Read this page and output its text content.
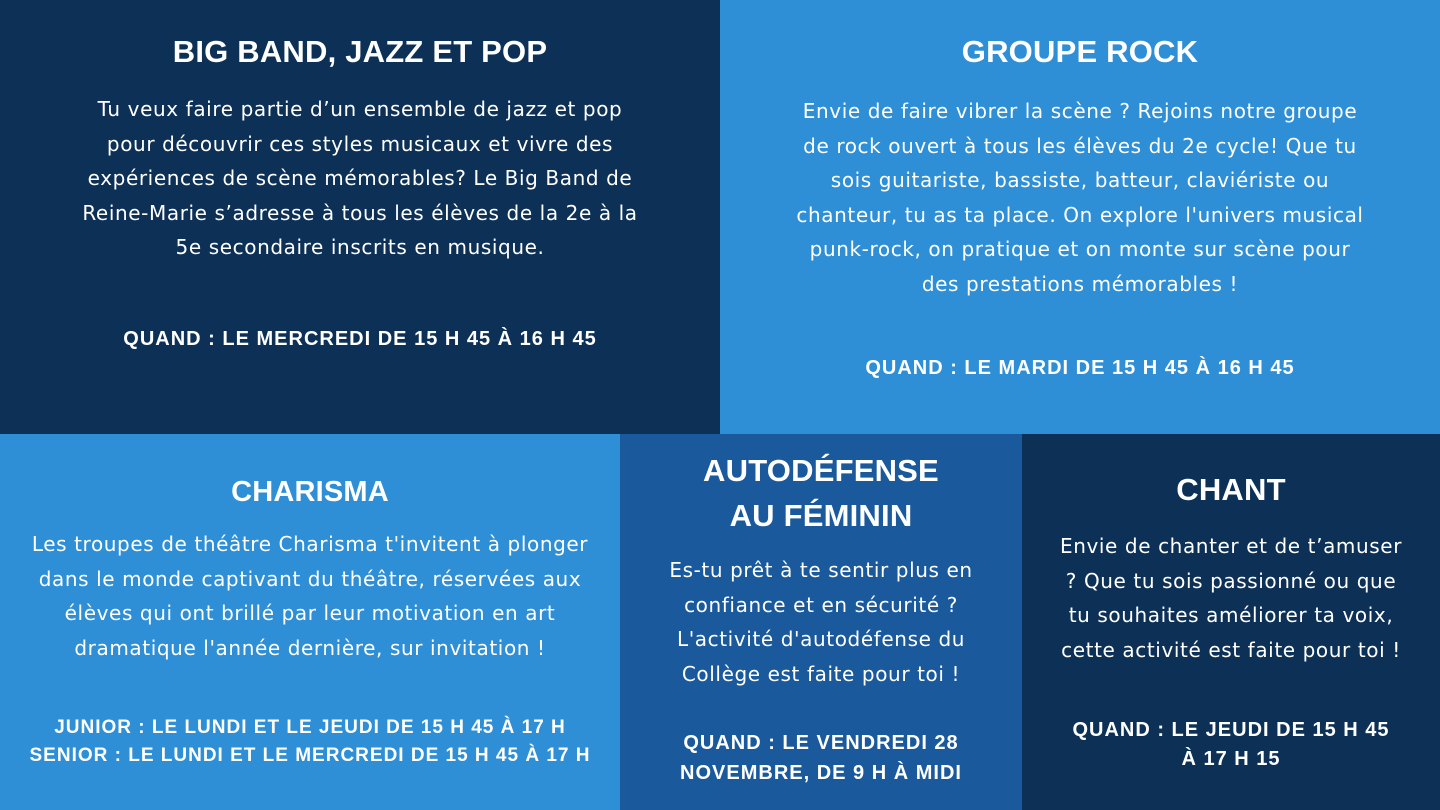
BIG BAND, JAZZ ET POP
Tu veux faire partie d’un ensemble de jazz et pop
pour découvrir ces styles musicaux et vivre des
expériences de scène mémorables? Le Big Band de
Reine-Marie s’adresse à tous les élèves de la 2e à la
5e secondaire inscrits en musique.
QUAND : LE MERCREDI DE 15 H 45 À 16 H 45
GROUPE ROCK
Envie de faire vibrer la scène ? Rejoins notre groupe
de rock ouvert à tous les élèves du 2e cycle! Que tu
sois guitariste, bassiste, batteur, claviériste ou
chanteur, tu as ta place. On explore l'univers musical
punk-rock, on pratique et on monte sur scène pour
des prestations mémorables !
QUAND : LE MARDI DE 15 H 45 À 16 H 45
CHARISMA
Les troupes de théâtre Charisma t'invitent à plonger
dans le monde captivant du théâtre, réservées aux
élèves qui ont brillé par leur motivation en art
dramatique l'année dernière, sur invitation !
JUNIOR : LE LUNDI ET LE JEUDI DE 15 H 45 À 17 H
SENIOR : LE LUNDI ET LE MERCREDI DE 15 H 45 À 17 H
AUTODÉFENSE
AU FÉMININ
Es-tu prêt à te sentir plus en
confiance et en sécurité ?
L'activité d'autodéfense du
Collège est faite pour toi !
QUAND : LE VENDREDI 28
NOVEMBRE, DE 9 H À MIDI
CHANT
Envie de chanter et de t’amuser
? Que tu sois passionné ou que
tu souhaites améliorer ta voix,
cette activité est faite pour toi !
QUAND : LE JEUDI DE 15 H 45
À 17 H 15
